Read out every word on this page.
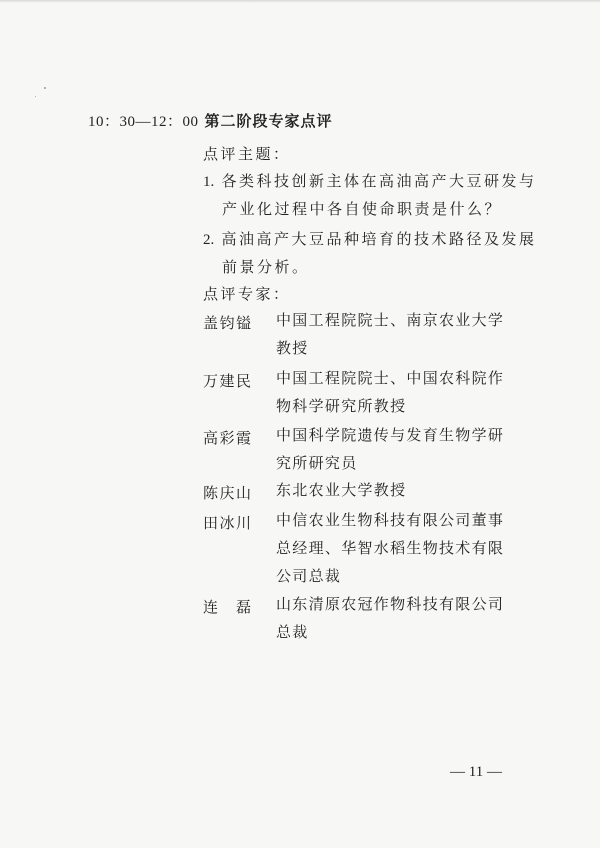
10：30—12：00 第二阶段专家点评
点评主题：
1. 各类科技创新主体在高油高产大豆研发与
产业化过程中各自使命职责是什么？
2. 高油高产大豆品种培育的技术路径及发展
前景分析。
点评专家：
盖钧镒 中国工程院院士、南京农业大学教授
万建民 中国工程院院士、中国农科院作物科学研究所教授
高彩霞 中国科学院遗传与发育生物学研究所研究员
陈庆山 东北农业大学教授
田冰川 中信农业生物科技有限公司董事总经理、华智水稻生物技术有限公司总裁
连　磊 山东清原农冠作物科技有限公司总裁
— 11 —
